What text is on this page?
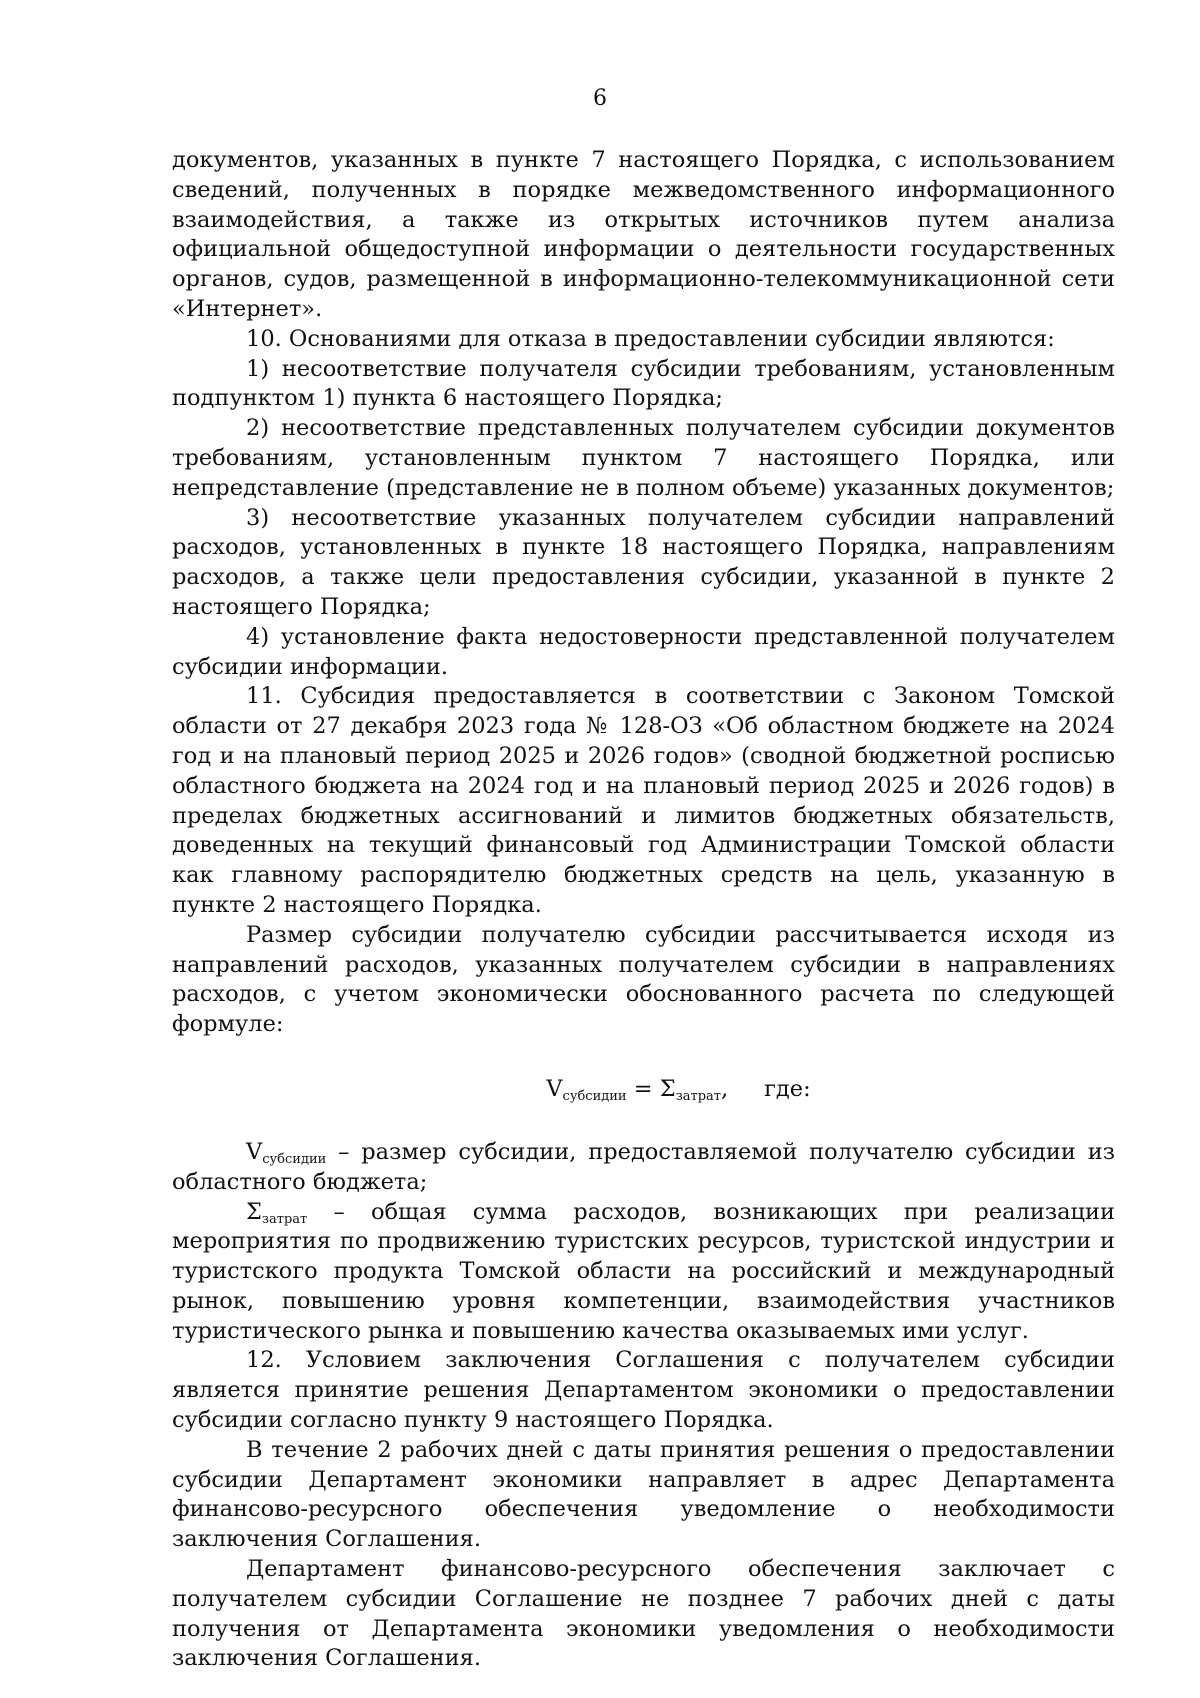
6

документов, указанных в пункте 7 настоящего Порядка, с использованием сведений, полученных в порядке межведомственного информационного взаимодействия, а также из открытых источников путем анализа официальной общедоступной информации о деятельности государственных органов, судов, размещенной в информационно-телекоммуникационной сети «Интернет».

10. Основаниями для отказа в предоставлении субсидии являются:

1) несоответствие получателя субсидии требованиям, установленным подпунктом 1) пункта 6 настоящего Порядка;

2) несоответствие представленных получателем субсидии документов требованиям, установленным пунктом 7 настоящего Порядка, или непредставление (представление не в полном объеме) указанных документов;

3) несоответствие указанных получателем субсидии направлений расходов, установленных в пункте 18 настоящего Порядка, направлениям расходов, а также цели предоставления субсидии, указанной в пункте 2 настоящего Порядка;

4) установление факта недостоверности представленной получателем субсидии информации.

11. Субсидия предоставляется в соответствии с Законом Томской области от 27 декабря 2023 года № 128-ОЗ «Об областном бюджете на 2024 год и на плановый период 2025 и 2026 годов» (сводной бюджетной росписью областного бюджета на 2024 год и на плановый период 2025 и 2026 годов) в пределах бюджетных ассигнований и лимитов бюджетных обязательств, доведенных на текущий финансовый год Администрации Томской области как главному распорядителю бюджетных средств на цель, указанную в пункте 2 настоящего Порядка.

Размер субсидии получателю субсидии рассчитывается исходя из направлений расходов, указанных получателем субсидии в направлениях расходов, с учетом экономически обоснованного расчета по следующей формуле:

$V_{субсидии} = \Sigma_{затрат}$, где:

$V_{субсидии}$ – размер субсидии, предоставляемой получателю субсидии из областного бюджета;

$\Sigma_{затрат}$ – общая сумма расходов, возникающих при реализации мероприятия по продвижению туристских ресурсов, туристской индустрии и туристского продукта Томской области на российский и международный рынок, повышению уровня компетенции, взаимодействия участников туристического рынка и повышению качества оказываемых ими услуг.

12. Условием заключения Соглашения с получателем субсидии является принятие решения Департаментом экономики о предоставлении субсидии согласно пункту 9 настоящего Порядка.

В течение 2 рабочих дней с даты принятия решения о предоставлении субсидии Департамент экономики направляет в адрес Департамента финансово-ресурсного обеспечения уведомление о необходимости заключения Соглашения.

Департамент финансово-ресурсного обеспечения заключает с получателем субсидии Соглашение не позднее 7 рабочих дней с даты получения от Департамента экономики уведомления о необходимости заключения Соглашения.
